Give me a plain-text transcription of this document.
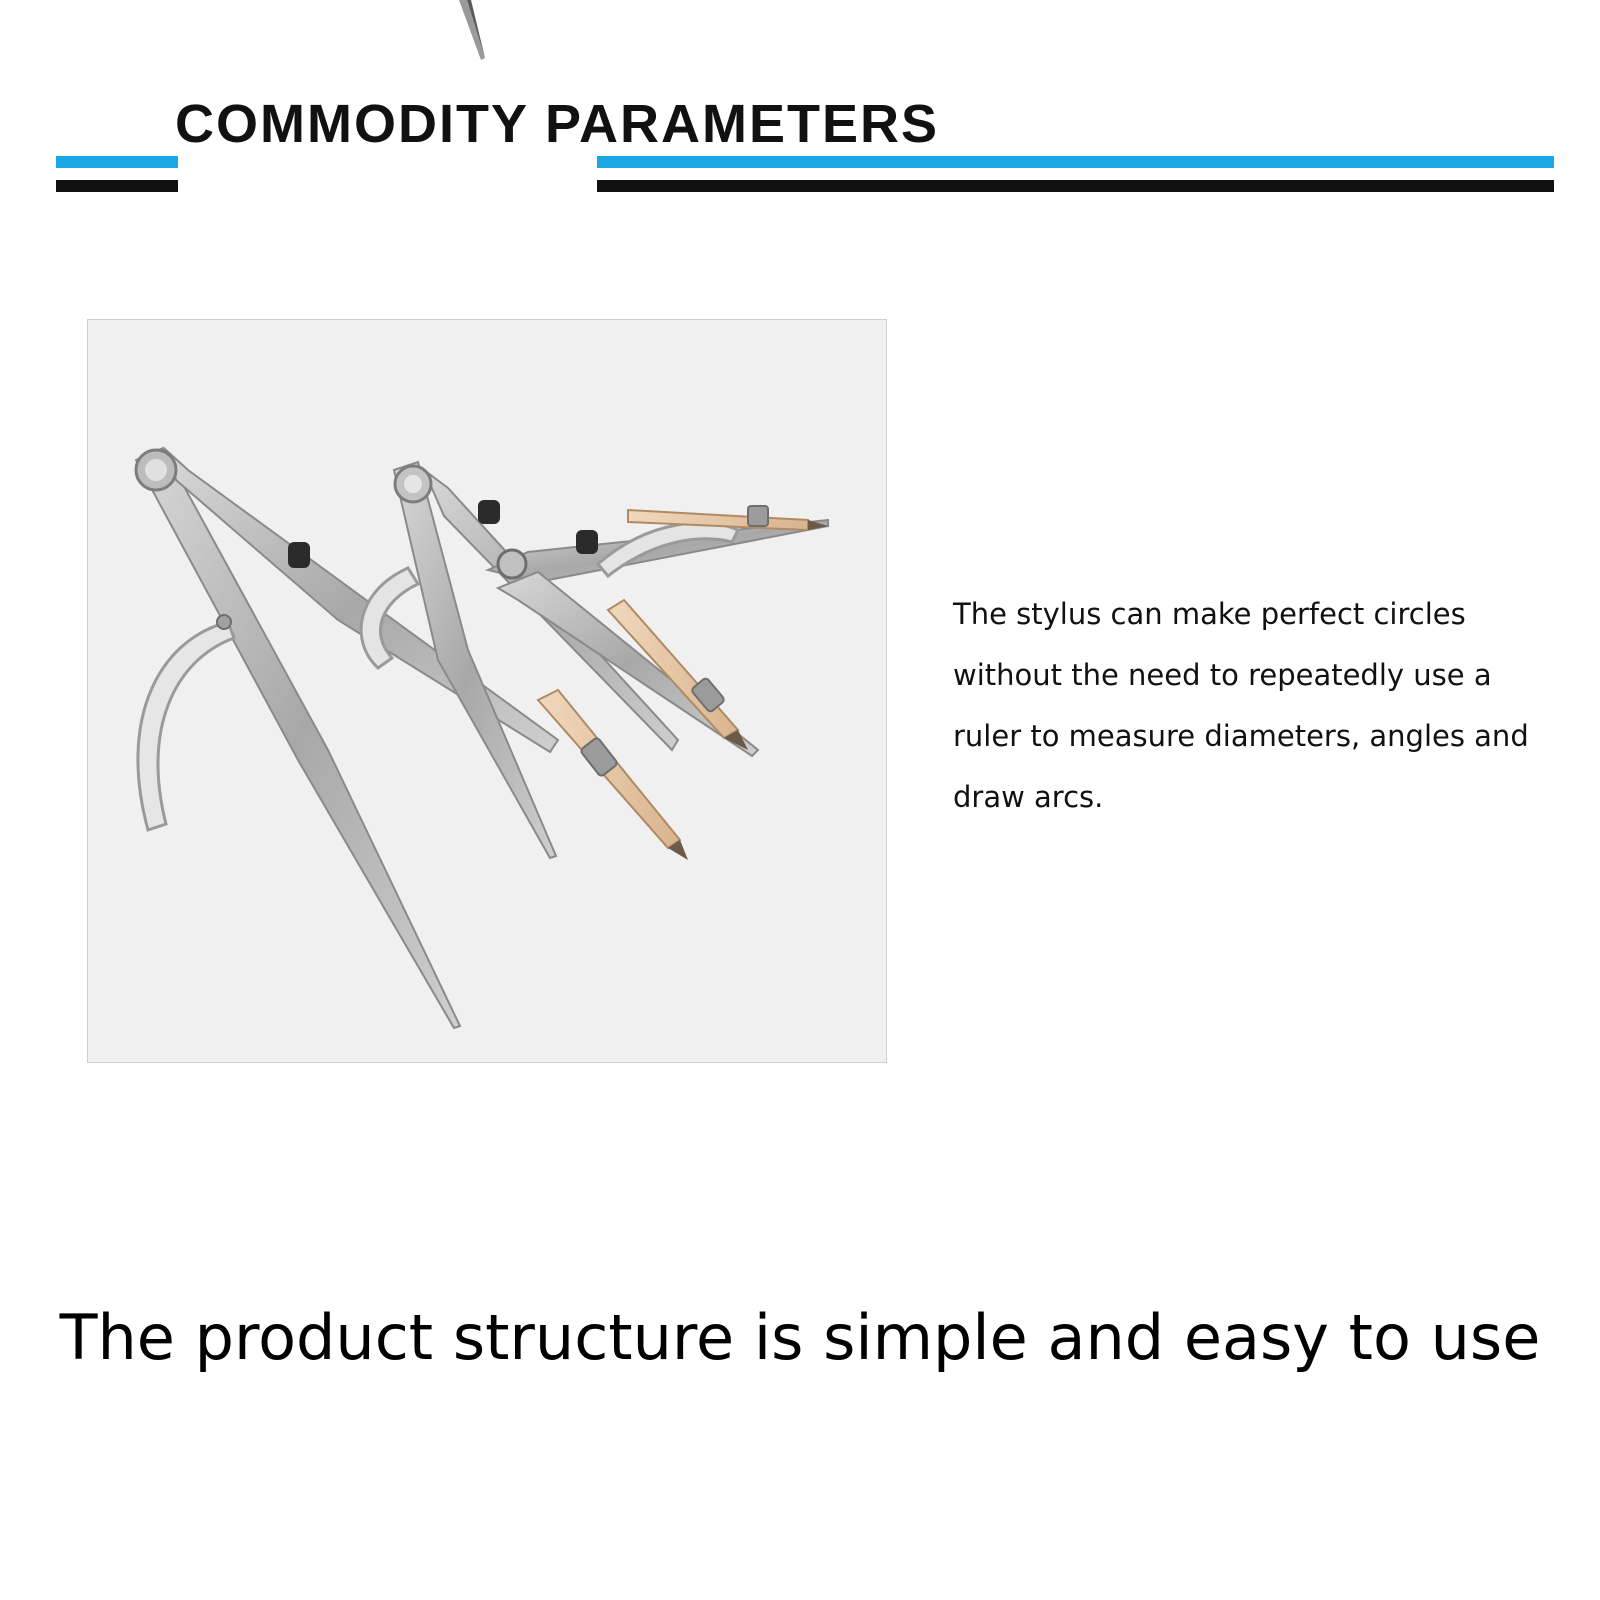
COMMODITY PARAMETERS

The stylus can make perfect circles without the need to repeatedly use a ruler to measure diameters, angles and draw arcs.

The product structure is simple and easy to use
